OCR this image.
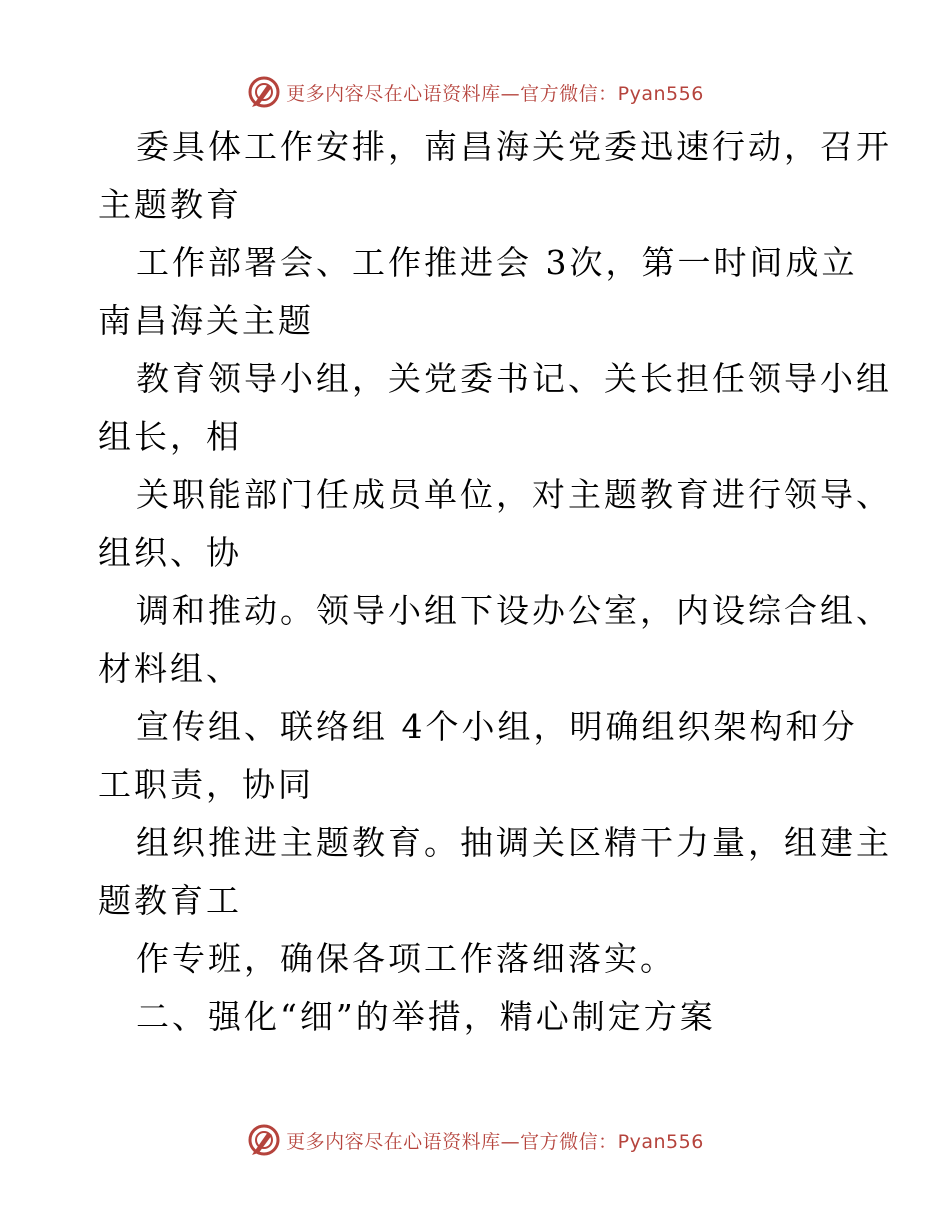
更多内容尽在心语资料库—官方微信：Pyan556
委具体工作安排，南昌海关党委迅速行动，召开
主题教育
工作部署会、工作推进会 3次，第一时间成立
南昌海关主题
教育领导小组，关党委书记、关长担任领导小组
组长，相
关职能部门任成员单位，对主题教育进行领导、
组织、协
调和推动。领导小组下设办公室，内设综合组、
材料组、
宣传组、联络组 4个小组，明确组织架构和分
工职责，协同
组织推进主题教育。抽调关区精干力量，组建主
题教育工
作专班，确保各项工作落细落实。
二、强化“细”的举措，精心制定方案
更多内容尽在心语资料库—官方微信：Pyan556
